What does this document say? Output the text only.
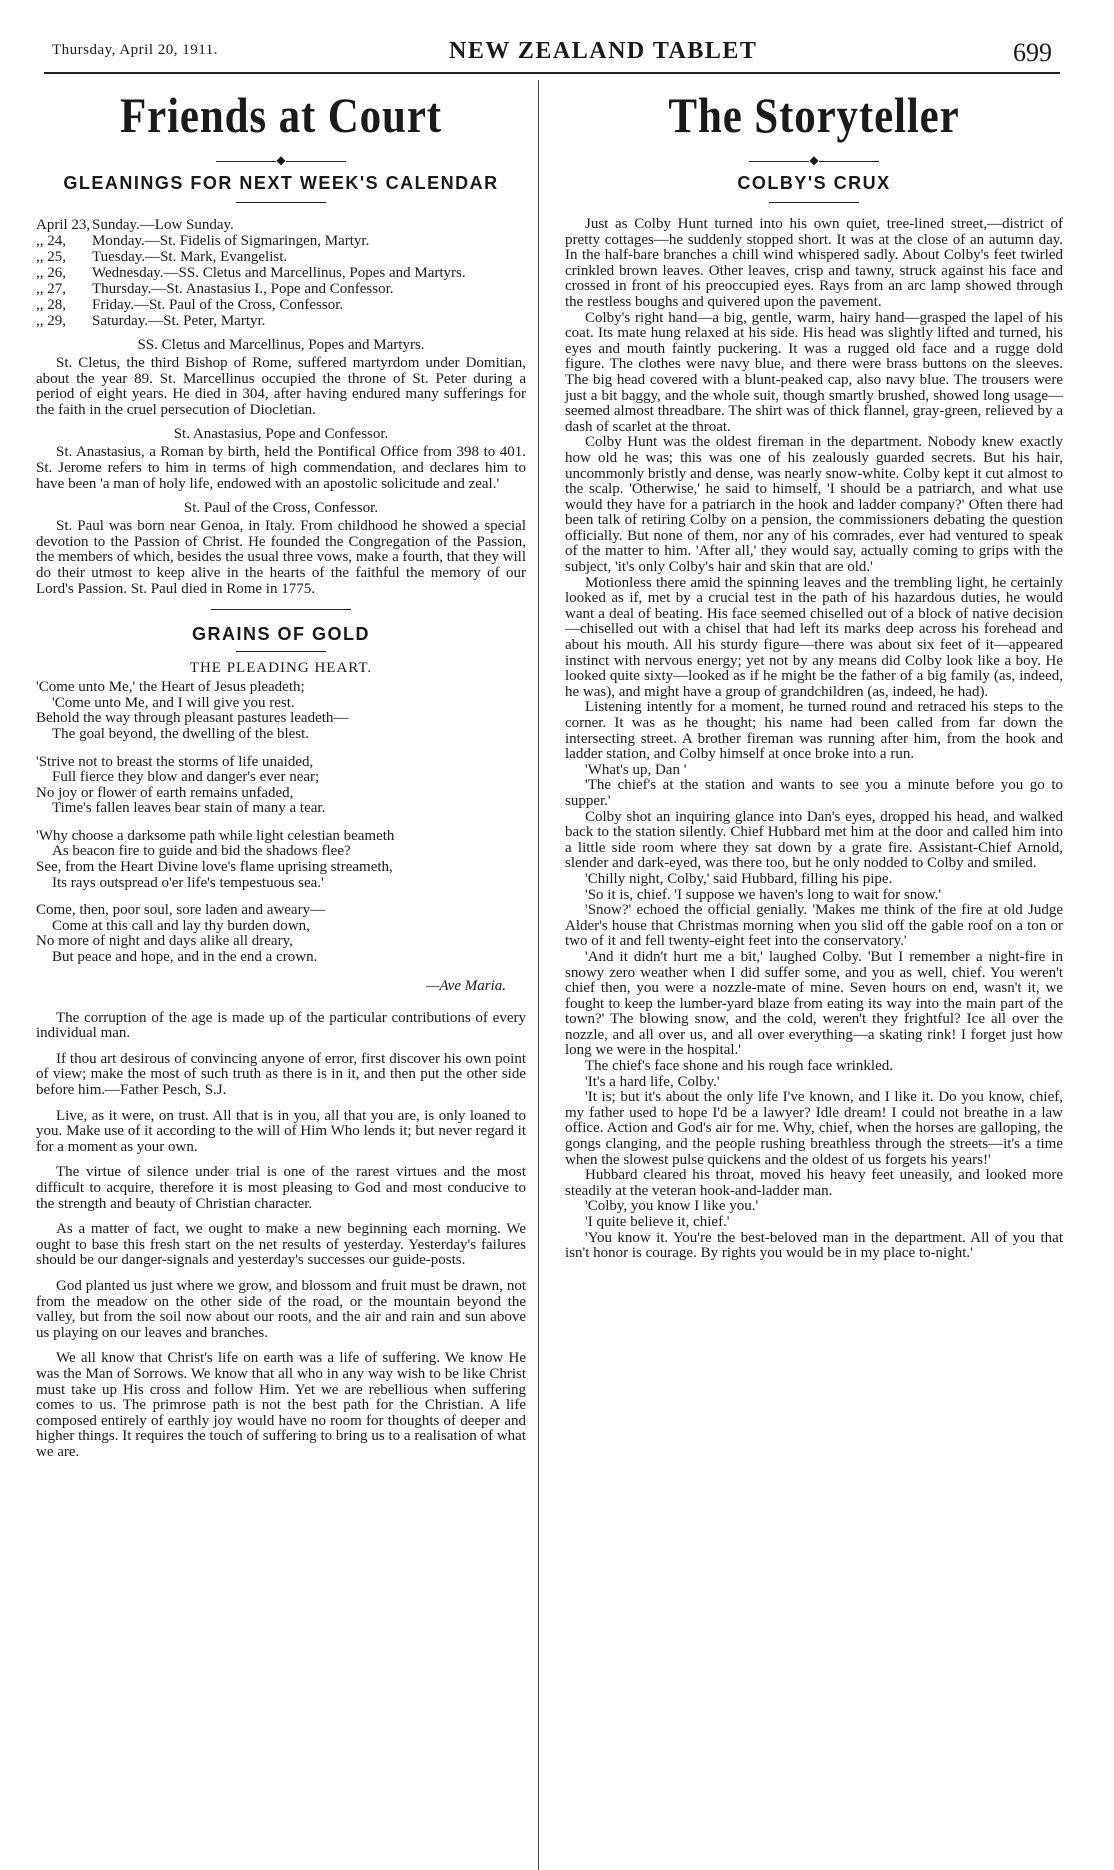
Thursday, April 20, 1911.	NEW ZEALAND TABLET	699
Friends at Court
◆
GLEANINGS FOR NEXT WEEK'S CALENDAR
April 23, Sunday.—Low Sunday.
,, 24,	Monday.—St. Fidelis of Sigmaringen, Martyr.
,, 25,	Tuesday.—St. Mark, Evangelist.
,, 26,	Wednesday.—SS. Cletus and Marcellinus, Popes and Martyrs.
,, 27,	Thursday.—St. Anastasius I., Pope and Confessor.
,, 28,	Friday.—St. Paul of the Cross, Confessor.
,, 29,	Saturday.—St. Peter, Martyr.

SS. Cletus and Marcellinus, Popes and Martyrs.

St. Cletus, the third Bishop of Rome, suffered martyrdom under Domitian, about the year 89. St. Marcellinus occupied the throne of St. Peter during a period of eight years. He died in 304, after having endured many sufferings for the faith in the cruel persecution of Diocletian.

St. Anastasius, Pope and Confessor.

St. Anastasius, a Roman by birth, held the Pontifical Office from 398 to 401. St. Jerome refers to him in terms of high commendation, and declares him to have been 'a man of holy life, endowed with an apostolic solicitude and zeal.'

St. Paul of the Cross, Confessor.

St. Paul was born near Genoa, in Italy. From childhood he showed a special devotion to the Passion of Christ. He founded the Congregation of the Passion, the members of which, besides the usual three vows, make a fourth, that they will do their utmost to keep alive in the hearts of the faithful the memory of our Lord's Passion. St. Paul died in Rome in 1775.

GRAINS OF GOLD
THE PLEADING HEART.
'Come unto Me,' the Heart of Jesus pleadeth;
'Come unto Me, and I will give you rest.
Behold the way through pleasant pastures leadeth—
The goal beyond, the dwelling of the blest.
'Strive not to breast the storms of life unaided,
Full fierce they blow and danger's ever near;
No joy or flower of earth remains unfaded,
Time's fallen leaves bear stain of many a tear.
'Why choose a darksome path while light celestian beameth
As beacon fire to guide and bid the shadows flee?
See, from the Heart Divine love's flame uprising streameth,
Its rays outspread o'er life's tempestuous sea.'
Come, then, poor soul, sore laden and aweary—
Come at this call and lay thy burden down,
No more of night and days alike all dreary,
But peace and hope, and in the end a crown.
—Ave Maria.

The corruption of the age is made up of the particular contributions of every individual man.

If thou art desirous of convincing anyone of error, first discover his own point of view; make the most of such truth as there is in it, and then put the other side before him.—Father Pesch, S.J.

Live, as it were, on trust. All that is in you, all that you are, is only loaned to you. Make use of it according to the will of Him Who lends it; but never regard it for a moment as your own.

The virtue of silence under trial is one of the rarest virtues and the most difficult to acquire, therefore it is most pleasing to God and most conducive to the strength and beauty of Christian character.

As a matter of fact, we ought to make a new beginning each morning. We ought to base this fresh start on the net results of yesterday. Yesterday's failures should be our danger-signals and yesterday's successes our guide-posts.

God planted us just where we grow, and blossom and fruit must be drawn, not from the meadow on the other side of the road, or the mountain beyond the valley, but from the soil now about our roots, and the air and rain and sun above us playing on our leaves and branches.

We all know that Christ's life on earth was a life of suffering. We know He was the Man of Sorrows. We know that all who in any way wish to be like Christ must take up His cross and follow Him. Yet we are rebellious when suffering comes to us. The primrose path is not the best path for the Christian. A life composed entirely of earthly joy would have no room for thoughts of deeper and higher things. It requires the touch of suffering to bring us to a realisation of what we are.

The Storyteller
◆
COLBY'S CRUX

Just as Colby Hunt turned into his own quiet, tree-lined street,—district of pretty cottages—he suddenly stopped short. It was at the close of an autumn day. In the half-bare branches a chill wind whispered sadly. About Colby's feet twirled crinkled brown leaves. Other leaves, crisp and tawny, struck against his face and crossed in front of his preoccupied eyes. Rays from an arc lamp showed through the restless boughs and quivered upon the pavement.

Colby's right hand—a big, gentle, warm, hairy hand—grasped the lapel of his coat. Its mate hung relaxed at his side. His head was slightly lifted and turned, his eyes and mouth faintly puckering. It was a rugged old face and a rugge dold figure. The clothes were navy blue, and there were brass buttons on the sleeves. The big head covered with a blunt-peaked cap, also navy blue. The trousers were just a bit baggy, and the whole suit, though smartly brushed, showed long usage—seemed almost threadbare. The shirt was of thick flannel, gray-green, relieved by a dash of scarlet at the throat.

Colby Hunt was the oldest fireman in the department. Nobody knew exactly how old he was; this was one of his zealously guarded secrets. But his hair, uncommonly bristly and dense, was nearly snow-white. Colby kept it cut almost to the scalp. 'Otherwise,' he said to himself, 'I should be a patriarch, and what use would they have for a patriarch in the hook and ladder company?' Often there had been talk of retiring Colby on a pension, the commissioners debating the question officially. But none of them, nor any of his comrades, ever had ventured to speak of the matter to him. 'After all,' they would say, actually coming to grips with the subject, 'it's only Colby's hair and skin that are old.'

Motionless there amid the spinning leaves and the trembling light, he certainly looked as if, met by a crucial test in the path of his hazardous duties, he would want a deal of beating. His face seemed chiselled out of a block of native decision—chiselled out with a chisel that had left its marks deep across his forehead and about his mouth. All his sturdy figure—there was about six feet of it—appeared instinct with nervous energy; yet not by any means did Colby look like a boy. He looked quite sixty—looked as if he might be the father of a big family (as, indeed, he was), and might have a group of grandchildren (as, indeed, he had).

Listening intently for a moment, he turned round and retraced his steps to the corner. It was as he thought; his name had been called from far down the intersecting street. A brother fireman was running after him, from the hook and ladder station, and Colby himself at once broke into a run.

'What's up, Dan '

'The chief's at the station and wants to see you a minute before you go to supper.'

Colby shot an inquiring glance into Dan's eyes, dropped his head, and walked back to the station silently. Chief Hubbard met him at the door and called him into a little side room where they sat down by a grate fire. Assistant-Chief Arnold, slender and dark-eyed, was there too, but he only nodded to Colby and smiled.

'Chilly night, Colby,' said Hubbard, filling his pipe.

'So it is, chief. 'I suppose we haven's long to wait for snow.'

'Snow?' echoed the official genially. 'Makes me think of the fire at old Judge Alder's house that Christmas morning when you slid off the gable roof on a ton or two of it and fell twenty-eight feet into the conservatory.'

'And it didn't hurt me a bit,' laughed Colby. 'But I remember a night-fire in snowy zero weather when I did suffer some, and you as well, chief. You weren't chief then, you were a nozzle-mate of mine. Seven hours on end, wasn't it, we fought to keep the lumber-yard blaze from eating its way into the main part of the town?' The blowing snow, and the cold, weren't they frightful? Ice all over the nozzle, and all over us, and all over everything—a skating rink! I forget just how long we were in the hospital.'

The chief's face shone and his rough face wrinkled.

'It's a hard life, Colby.'

'It is; but it's about the only life I've known, and I like it. Do you know, chief, my father used to hope I'd be a lawyer? Idle dream! I could not breathe in a law office. Action and God's air for me. Why, chief, when the horses are galloping, the gongs clanging, and the people rushing breathless through the streets—it's a time when the slowest pulse quickens and the oldest of us forgets his years!'

Hubbard cleared his throat, moved his heavy feet uneasily, and looked more steadily at the veteran hook-and-ladder man.

'Colby, you know I like you.'

'I quite believe it, chief.'

'You know it. You're the best-beloved man in the department. All of you that isn't honor is courage. By rights you would be in my place to-night.'
